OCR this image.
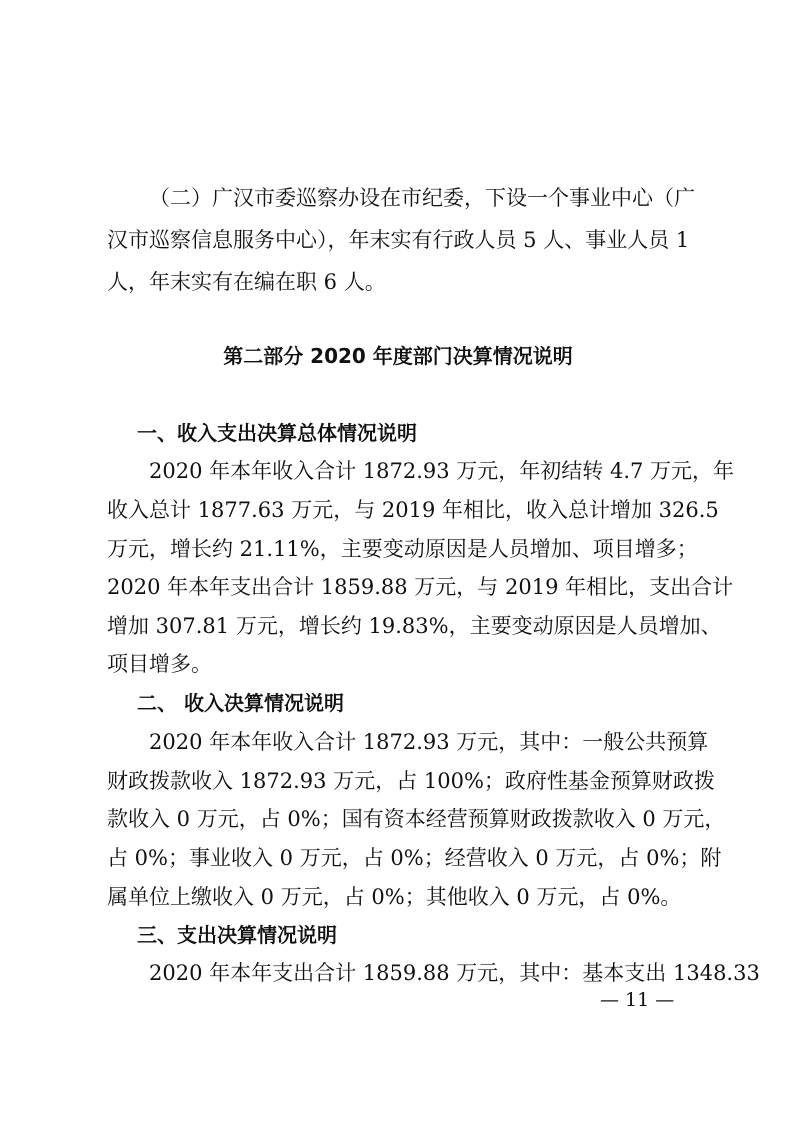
（二）广汉市委巡察办设在市纪委，下设一个事业中心（广
汉市巡察信息服务中心），年末实有行政人员 5 人、事业人员 1
人，年末实有在编在职 6 人。
第二部分 2020 年度部门决算情况说明
一、收入支出决算总体情况说明
2020 年本年收入合计 1872.93 万元，年初结转 4.7 万元，年
收入总计 1877.63 万元，与 2019 年相比，收入总计增加 326.5
万元，增长约 21.11%，主要变动原因是人员增加、项目增多；
2020 年本年支出合计 1859.88 万元，与 2019 年相比，支出合计
增加 307.81 万元，增长约 19.83%，主要变动原因是人员增加、
项目增多。
二、 收入决算情况说明
2020 年本年收入合计 1872.93 万元，其中：一般公共预算
财政拨款收入 1872.93 万元，占 100%；政府性基金预算财政拨
款收入 0 万元，占 0%；国有资本经营预算财政拨款收入 0 万元，
占 0%；事业收入 0 万元，占 0%；经营收入 0 万元，占 0%；附
属单位上缴收入 0 万元，占 0%；其他收入 0 万元，占 0%。
三、支出决算情况说明
2020 年本年支出合计 1859.88 万元，其中：基本支出 1348.33
— 11 —
